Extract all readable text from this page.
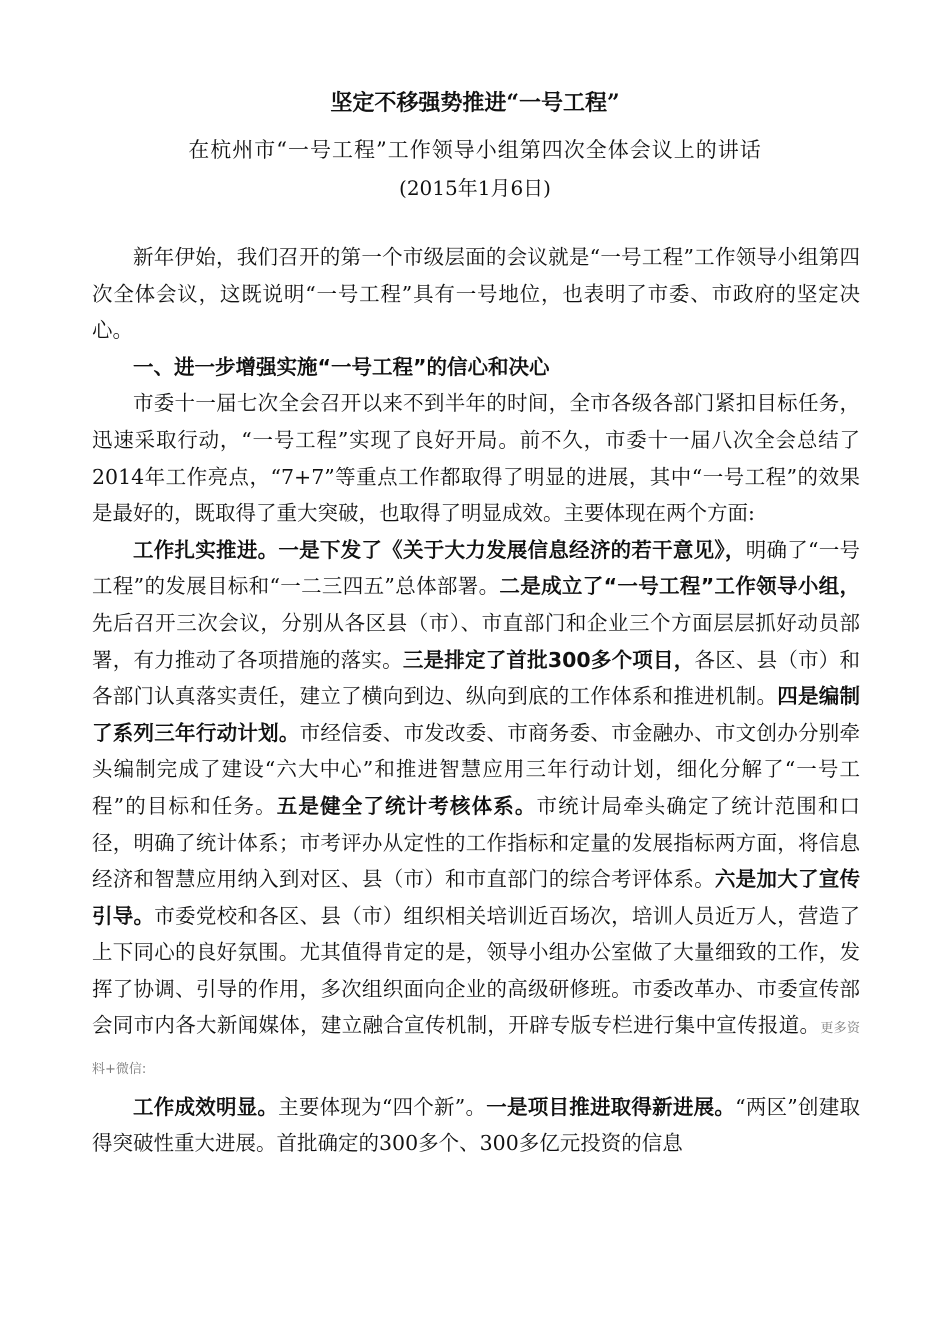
坚定不移强势推进“一号工程”
在杭州市“一号工程”工作领导小组第四次全体会议上的讲话
(2015年1月6日)

新年伊始，我们召开的第一个市级层面的会议就是“一号工程”工作领导小组第四次全体会议，这既说明“一号工程”具有一号地位，也表明了市委、市政府的坚定决心。

一、进一步增强实施“一号工程”的信心和决心

市委十一届七次全会召开以来不到半年的时间，全市各级各部门紧扣目标任务，迅速采取行动，“一号工程”实现了良好开局。前不久，市委十一届八次全会总结了2014年工作亮点，“7+7”等重点工作都取得了明显的进展，其中“一号工程”的效果是最好的，既取得了重大突破，也取得了明显成效。主要体现在两个方面:

工作扎实推进。一是下发了《关于大力发展信息经济的若干意见》，明确了“一号工程”的发展目标和“一二三四五”总体部署。二是成立了“一号工程”工作领导小组，先后召开三次会议，分别从各区县（市）、市直部门和企业三个方面层层抓好动员部署，有力推动了各项措施的落实。三是排定了首批300多个项目，各区、县（市）和各部门认真落实责任，建立了横向到边、纵向到底的工作体系和推进机制。四是编制了系列三年行动计划。市经信委、市发改委、市商务委、市金融办、市文创办分别牵头编制完成了建设“六大中心”和推进智慧应用三年行动计划，细化分解了“一号工程”的目标和任务。五是健全了统计考核体系。市统计局牵头确定了统计范围和口径，明确了统计体系；市考评办从定性的工作指标和定量的发展指标两方面，将信息经济和智慧应用纳入到对区、县（市）和市直部门的综合考评体系。六是加大了宣传引导。市委党校和各区、县（市）组织相关培训近百场次，培训人员近万人，营造了上下同心的良好氛围。尤其值得肯定的是，领导小组办公室做了大量细致的工作，发挥了协调、引导的作用，多次组织面向企业的高级研修班。市委改革办、市委宣传部会同市内各大新闻媒体，建立融合宣传机制，开辟专版专栏进行集中宣传报道。更多资料+微信:

工作成效明显。主要体现为“四个新”。一是项目推进取得新进展。“两区”创建取得突破性重大进展。首批确定的300多个、300多亿元投资的信息
